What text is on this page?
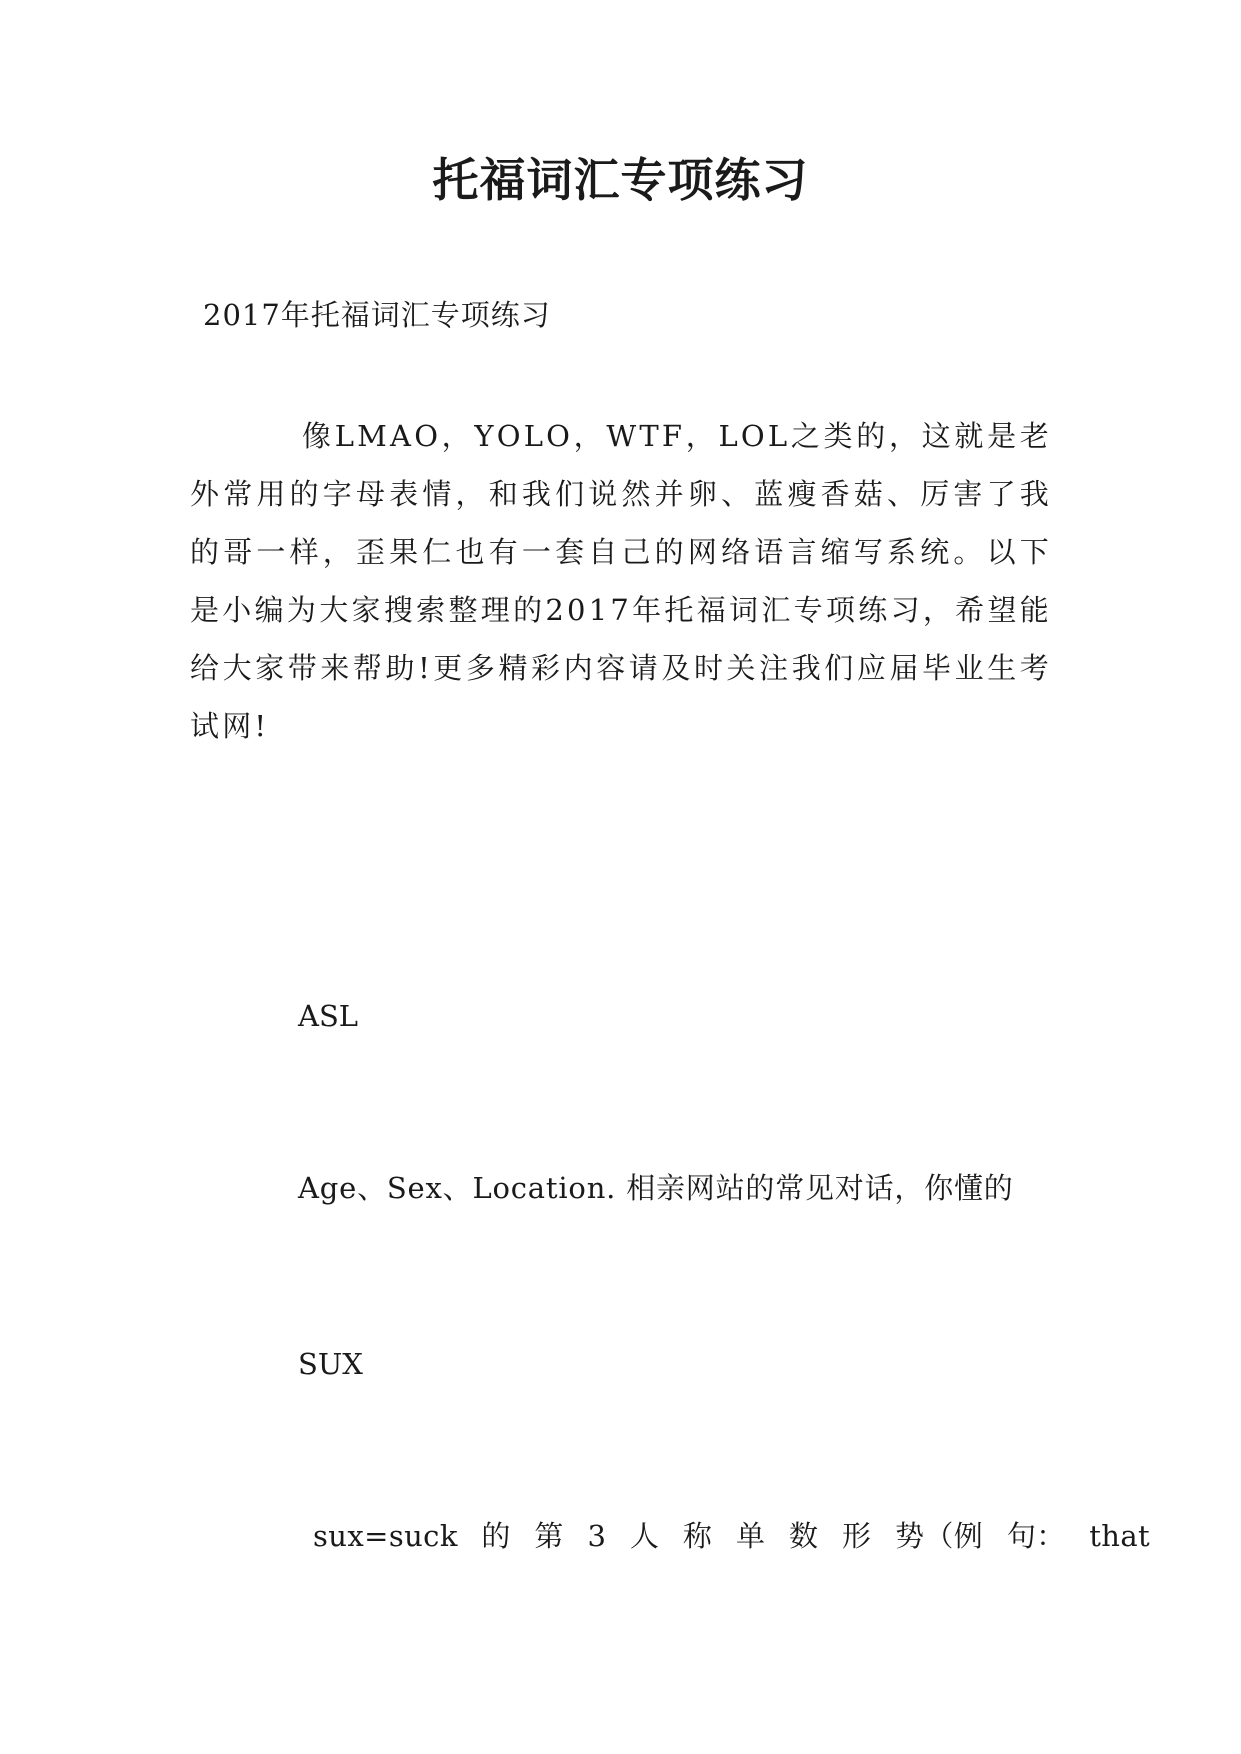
托福词汇专项练习

2017年托福词汇专项练习

像LMAO，YOLO，WTF，LOL之类的，这就是老外常用的字母表情，和我们说然并卵、蓝瘦香菇、厉害了我的哥一样，歪果仁也有一套自己的网络语言缩写系统。以下是小编为大家搜索整理的2017年托福词汇专项练习，希望能给大家带来帮助!更多精彩内容请及时关注我们应届毕业生考试网!

ASL

Age、Sex、Location. 相亲网站的常见对话，你懂的

SUX

sux=suck 的 第 3 人 称 单 数 形 势（例 句： that
